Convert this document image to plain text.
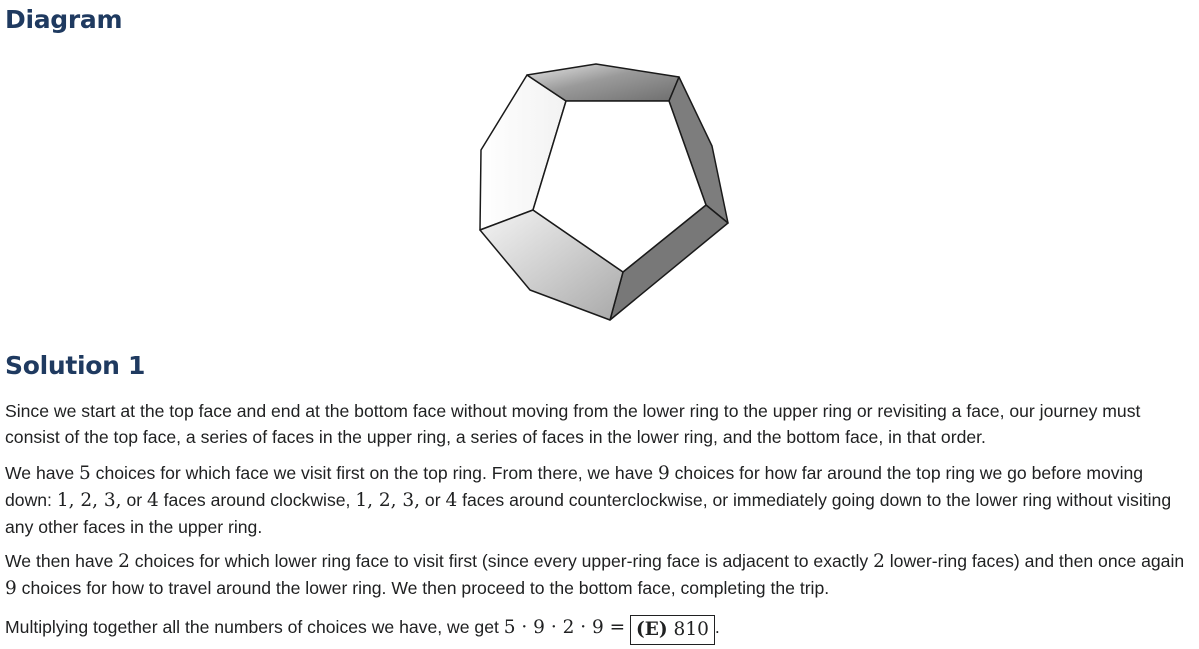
Diagram
Solution 1

Since we start at the top face and end at the bottom face without moving from the lower ring to the upper ring or revisiting a face, our journey must consist of the top face, a series of faces in the upper ring, a series of faces in the lower ring, and the bottom face, in that order.

We have 5 choices for which face we visit first on the top ring. From there, we have 9 choices for how far around the top ring we go before moving down: 1, 2, 3, or 4 faces around clockwise, 1, 2, 3, or 4 faces around counterclockwise, or immediately going down to the lower ring without visiting any other faces in the upper ring.

We then have 2 choices for which lower ring face to visit first (since every upper-ring face is adjacent to exactly 2 lower-ring faces) and then once again 9 choices for how to travel around the lower ring. We then proceed to the bottom face, completing the trip.

Multiplying together all the numbers of choices we have, we get 5 · 9 · 2 · 9 = (E) 810 .
